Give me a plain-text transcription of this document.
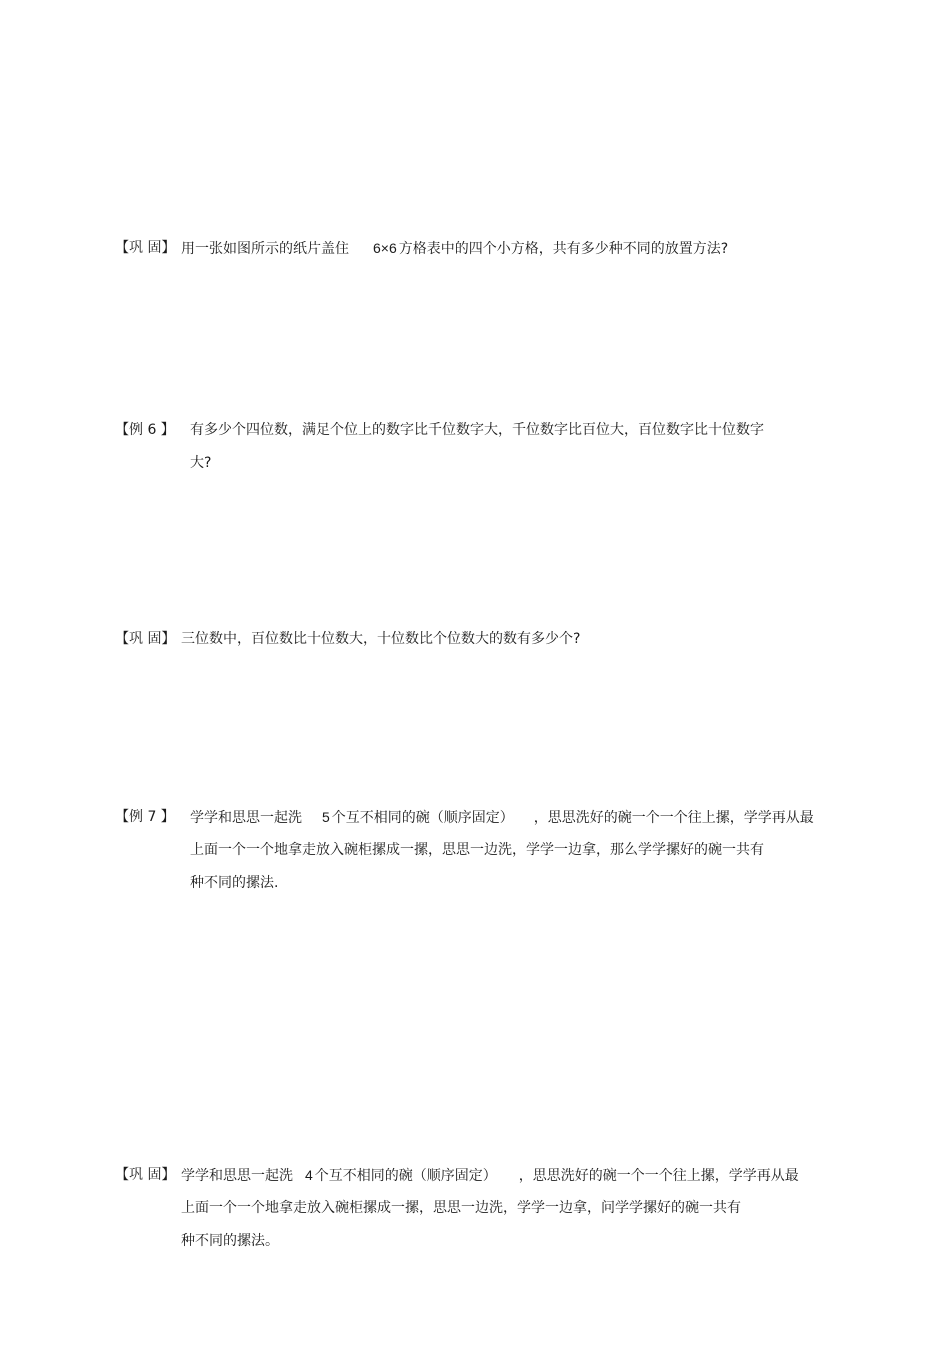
【巩 固】 用一张如图所示的纸片盖住 6×6 方格表中的四个小方格，共有多少种不同的放置方法?
【例 6 】 有多少个四位数，满足个位上的数字比千位数字大，千位数字比百位大，百位数字比十位数字
大?
【巩 固】 三位数中，百位数比十位数大，十位数比个位数大的数有多少个?
【例 7 】 学学和思思一起洗 5 个互不相同的碗（顺序固定） ，思思洗好的碗一个一个往上摞，学学再从最
上面一个一个地拿走放入碗柜摞成一摞，思思一边洗，学学一边拿，那么学学摞好的碗一共有
种不同的摞法.
【巩 固】 学学和思思一起洗 4 个互不相同的碗（顺序固定） ，思思洗好的碗一个一个往上摞，学学再从最
上面一个一个地拿走放入碗柜摞成一摞，思思一边洗，学学一边拿，问学学摞好的碗一共有
种不同的摞法。
